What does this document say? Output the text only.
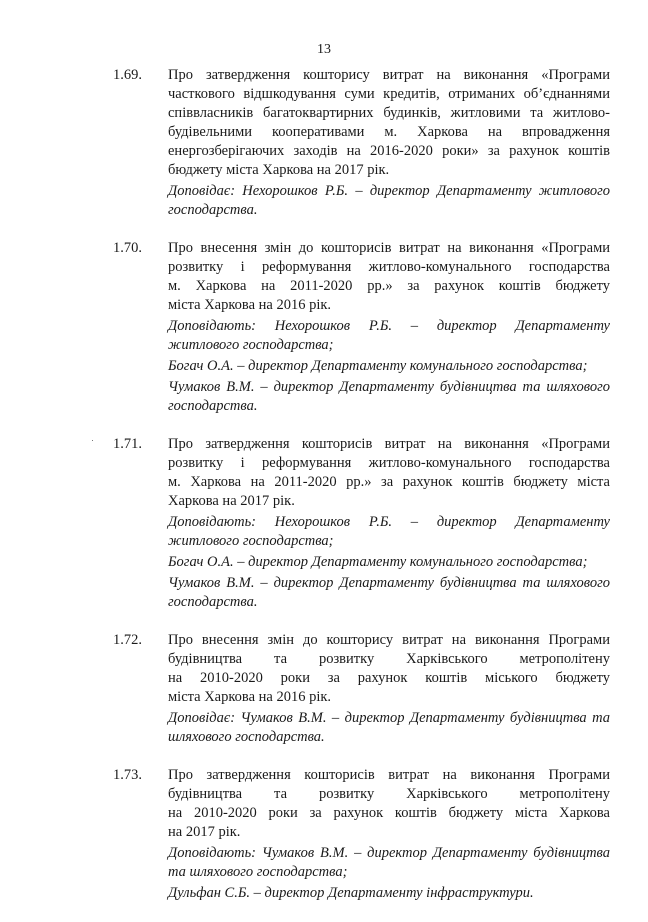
13
1.69. Про затвердження кошторису витрат на виконання «Програми
часткового відшкодування суми кредитів, отриманих об’єднаннями
співвласників багатоквартирних будинків, житловими та житлово-
будівельними кооперативами м. Харкова на впровадження
енергозберігаючих заходів на 2016-2020 роки» за рахунок коштів
бюджету міста Харкова на 2017 рік.
Доповідає: Нехорошков Р.Б. – директор Департаменту житлового
господарства.
1.70. Про внесення змін до кошторисів витрат на виконання «Програми
розвитку і реформування житлово-комунального господарства
м. Харкова на 2011-2020 рр.» за рахунок коштів бюджету
міста Харкова на 2016 рік.
Доповідають: Нехорошков Р.Б. – директор Департаменту
житлового господарства;
Богач О.А. – директор Департаменту комунального господарства;
Чумаков В.М. – директор Департаменту будівництва та шляхового
господарства.
1.71. Про затвердження кошторисів витрат на виконання «Програми
розвитку і реформування житлово-комунального господарства
м. Харкова на 2011-2020 рр.» за рахунок коштів бюджету міста
Харкова на 2017 рік.
Доповідають: Нехорошков Р.Б. – директор Департаменту
житлового господарства;
Богач О.А. – директор Департаменту комунального господарства;
Чумаков В.М. – директор Департаменту будівництва та шляхового
господарства.
1.72. Про внесення змін до кошторису витрат на виконання Програми
будівництва та розвитку Харківського метрополітену
на 2010-2020 роки за рахунок коштів міського бюджету
міста Харкова на 2016 рік.
Доповідає: Чумаков В.М. – директор Департаменту будівництва та
шляхового господарства.
1.73. Про затвердження кошторисів витрат на виконання Програми
будівництва та розвитку Харківського метрополітену
на 2010-2020 роки за рахунок коштів бюджету міста Харкова
на 2017 рік.
Доповідають: Чумаков В.М. – директор Департаменту будівництва
та шляхового господарства;
Дульфан С.Б. – директор Департаменту інфраструктури.
